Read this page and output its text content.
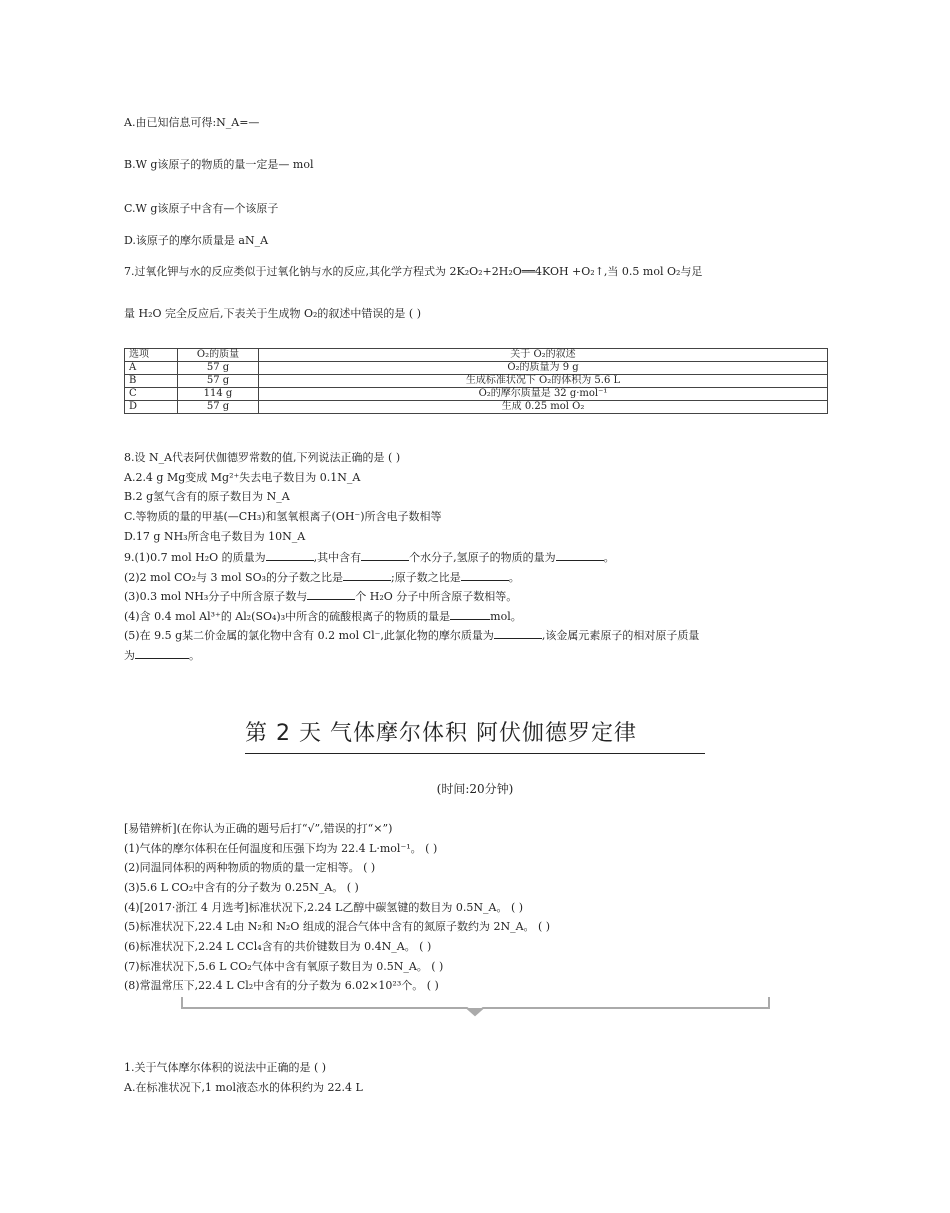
A.由已知信息可得:N_A=—
B.W g该原子的物质的量一定是— mol
C.W g该原子中含有—个该原子
D.该原子的摩尔质量是 aN_A
7.过氧化钾与水的反应类似于过氧化钠与水的反应,其化学方程式为 2K₂O₂+2H₂O══4KOH +O₂↑,当 0.5 mol O₂与足
量 H₂O 完全反应后,下表关于生成物 O₂的叙述中错误的是 ( )
选项	O₂的质量	关于 O₂的叙述
A	57 g	O₂的质量为 9 g
B	57 g	生成标准状况下 O₂的体积为 5.6 L
C	114 g	O₂的摩尔质量是 32 g·mol⁻¹
D	57 g	生成 0.25 mol O₂
8.设 N_A代表阿伏伽德罗常数的值,下列说法正确的是 ( )
A.2.4 g Mg变成 Mg²⁺失去电子数目为 0.1N_A
B.2 g氢气含有的原子数目为 N_A
C.等物质的量的甲基(—CH₃)和氢氧根离子(OH⁻)所含电子数相等
D.17 g NH₃所含电子数目为 10N_A
9.(1)0.7 mol H₂O 的质量为	,其中含有	个水分子,氢原子的物质的量为	。
(2)2 mol CO₂与 3 mol SO₃的分子数之比是	;原子数之比是	。
(3)0.3 mol NH₃分子中所含原子数与	个 H₂O 分子中所含原子数相等。
(4)含 0.4 mol Al³⁺的 Al₂(SO₄)₃中所含的硫酸根离子的物质的量是	mol。
(5)在 9.5 g某二价金属的氯化物中含有 0.2 mol Cl⁻,此氯化物的摩尔质量为	,该金属元素原子的相对原子质量
为	。
第 2 天 气体摩尔体积 阿伏伽德罗定律
(时间:20分钟)
[易错辨析](在你认为正确的题号后打“√”,错误的打“×”)
(1)气体的摩尔体积在任何温度和压强下均为 22.4 L·mol⁻¹。 ( )
(2)同温同体积的两种物质的物质的量一定相等。 ( )
(3)5.6 L CO₂中含有的分子数为 0.25N_A。 ( )
(4)[2017·浙江 4 月选考]标准状况下,2.24 L乙醇中碳氢键的数目为 0.5N_A。 ( )
(5)标准状况下,22.4 L由 N₂和 N₂O 组成的混合气体中含有的氮原子数约为 2N_A。 ( )
(6)标准状况下,2.24 L CCl₄含有的共价键数目为 0.4N_A。 ( )
(7)标准状况下,5.6 L CO₂气体中含有氧原子数目为 0.5N_A。 ( )
(8)常温常压下,22.4 L Cl₂中含有的分子数为 6.02×10²³个。 ( )
1.关于气体摩尔体积的说法中正确的是 ( )
A.在标准状况下,1 mol液态水的体积约为 22.4 L
